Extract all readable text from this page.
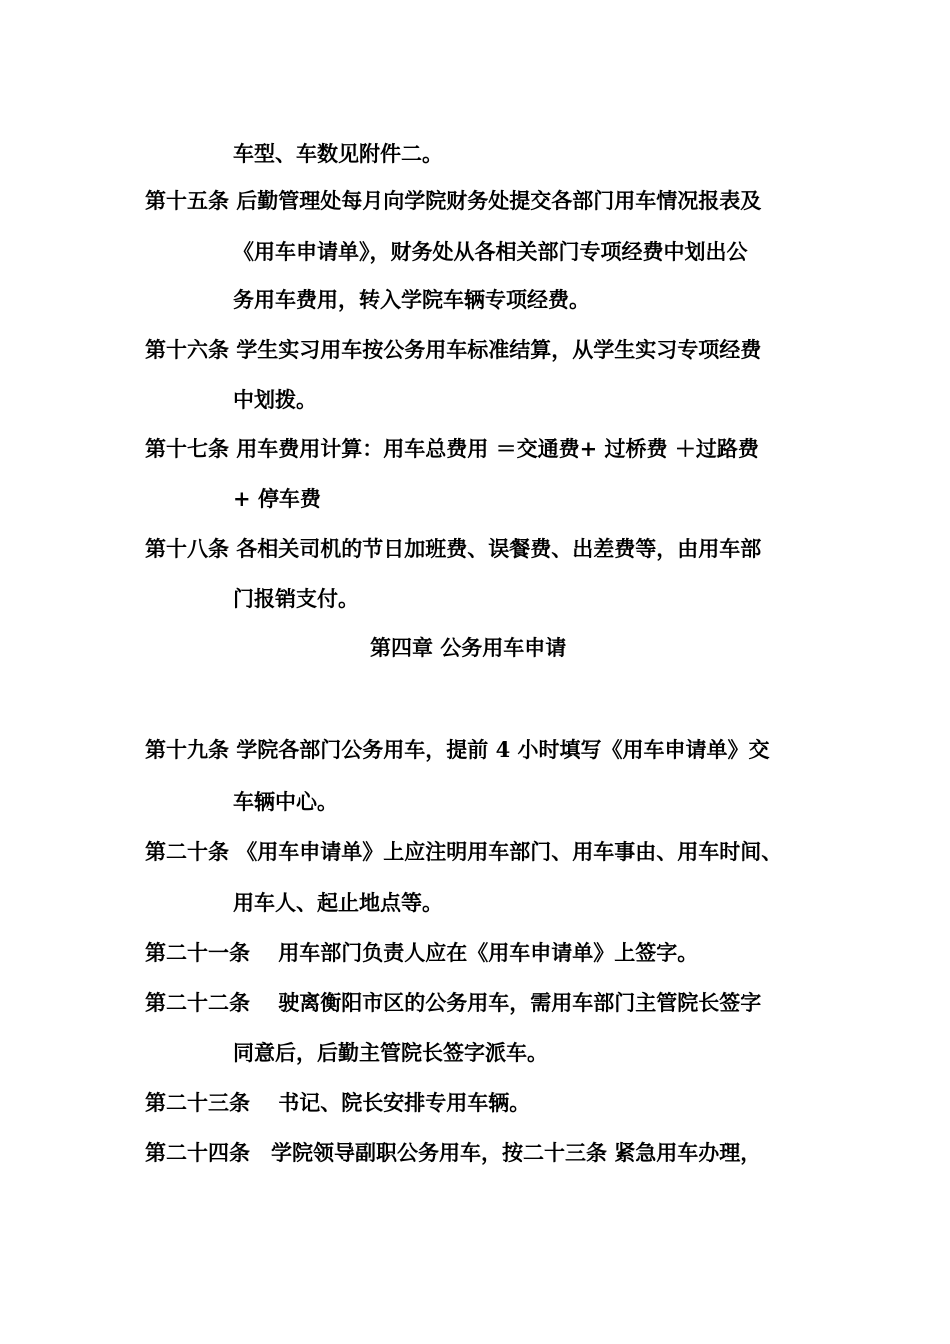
车型、车数见附件二。
第十五条 后勤管理处每月向学院财务处提交各部门用车情况报表及
《用车申请单》，财务处从各相关部门专项经费中划出公
务用车费用，转入学院车辆专项经费。
第十六条 学生实习用车按公务用车标准结算，从学生实习专项经费
中划拨。
第十七条 用车费用计算：用车总费用 ＝交通费+ 过桥费 ＋过路费
+ 停车费
第十八条 各相关司机的节日加班费、误餐费、出差费等，由用车部
门报销支付。
第四章 公务用车申请
第十九条 学院各部门公务用车，提前 4 小时填写《用车申请单》交
车辆中心。
第二十条 《用车申请单》上应注明用车部门、用车事由、用车时间、
用车人、起止地点等。
第二十一条　 用车部门负责人应在《用车申请单》上签字。
第二十二条　 驶离衡阳市区的公务用车，需用车部门主管院长签字
同意后，后勤主管院长签字派车。
第二十三条　 书记、院长安排专用车辆。
第二十四条　学院领导副职公务用车，按二十三条 紧急用车办理，
